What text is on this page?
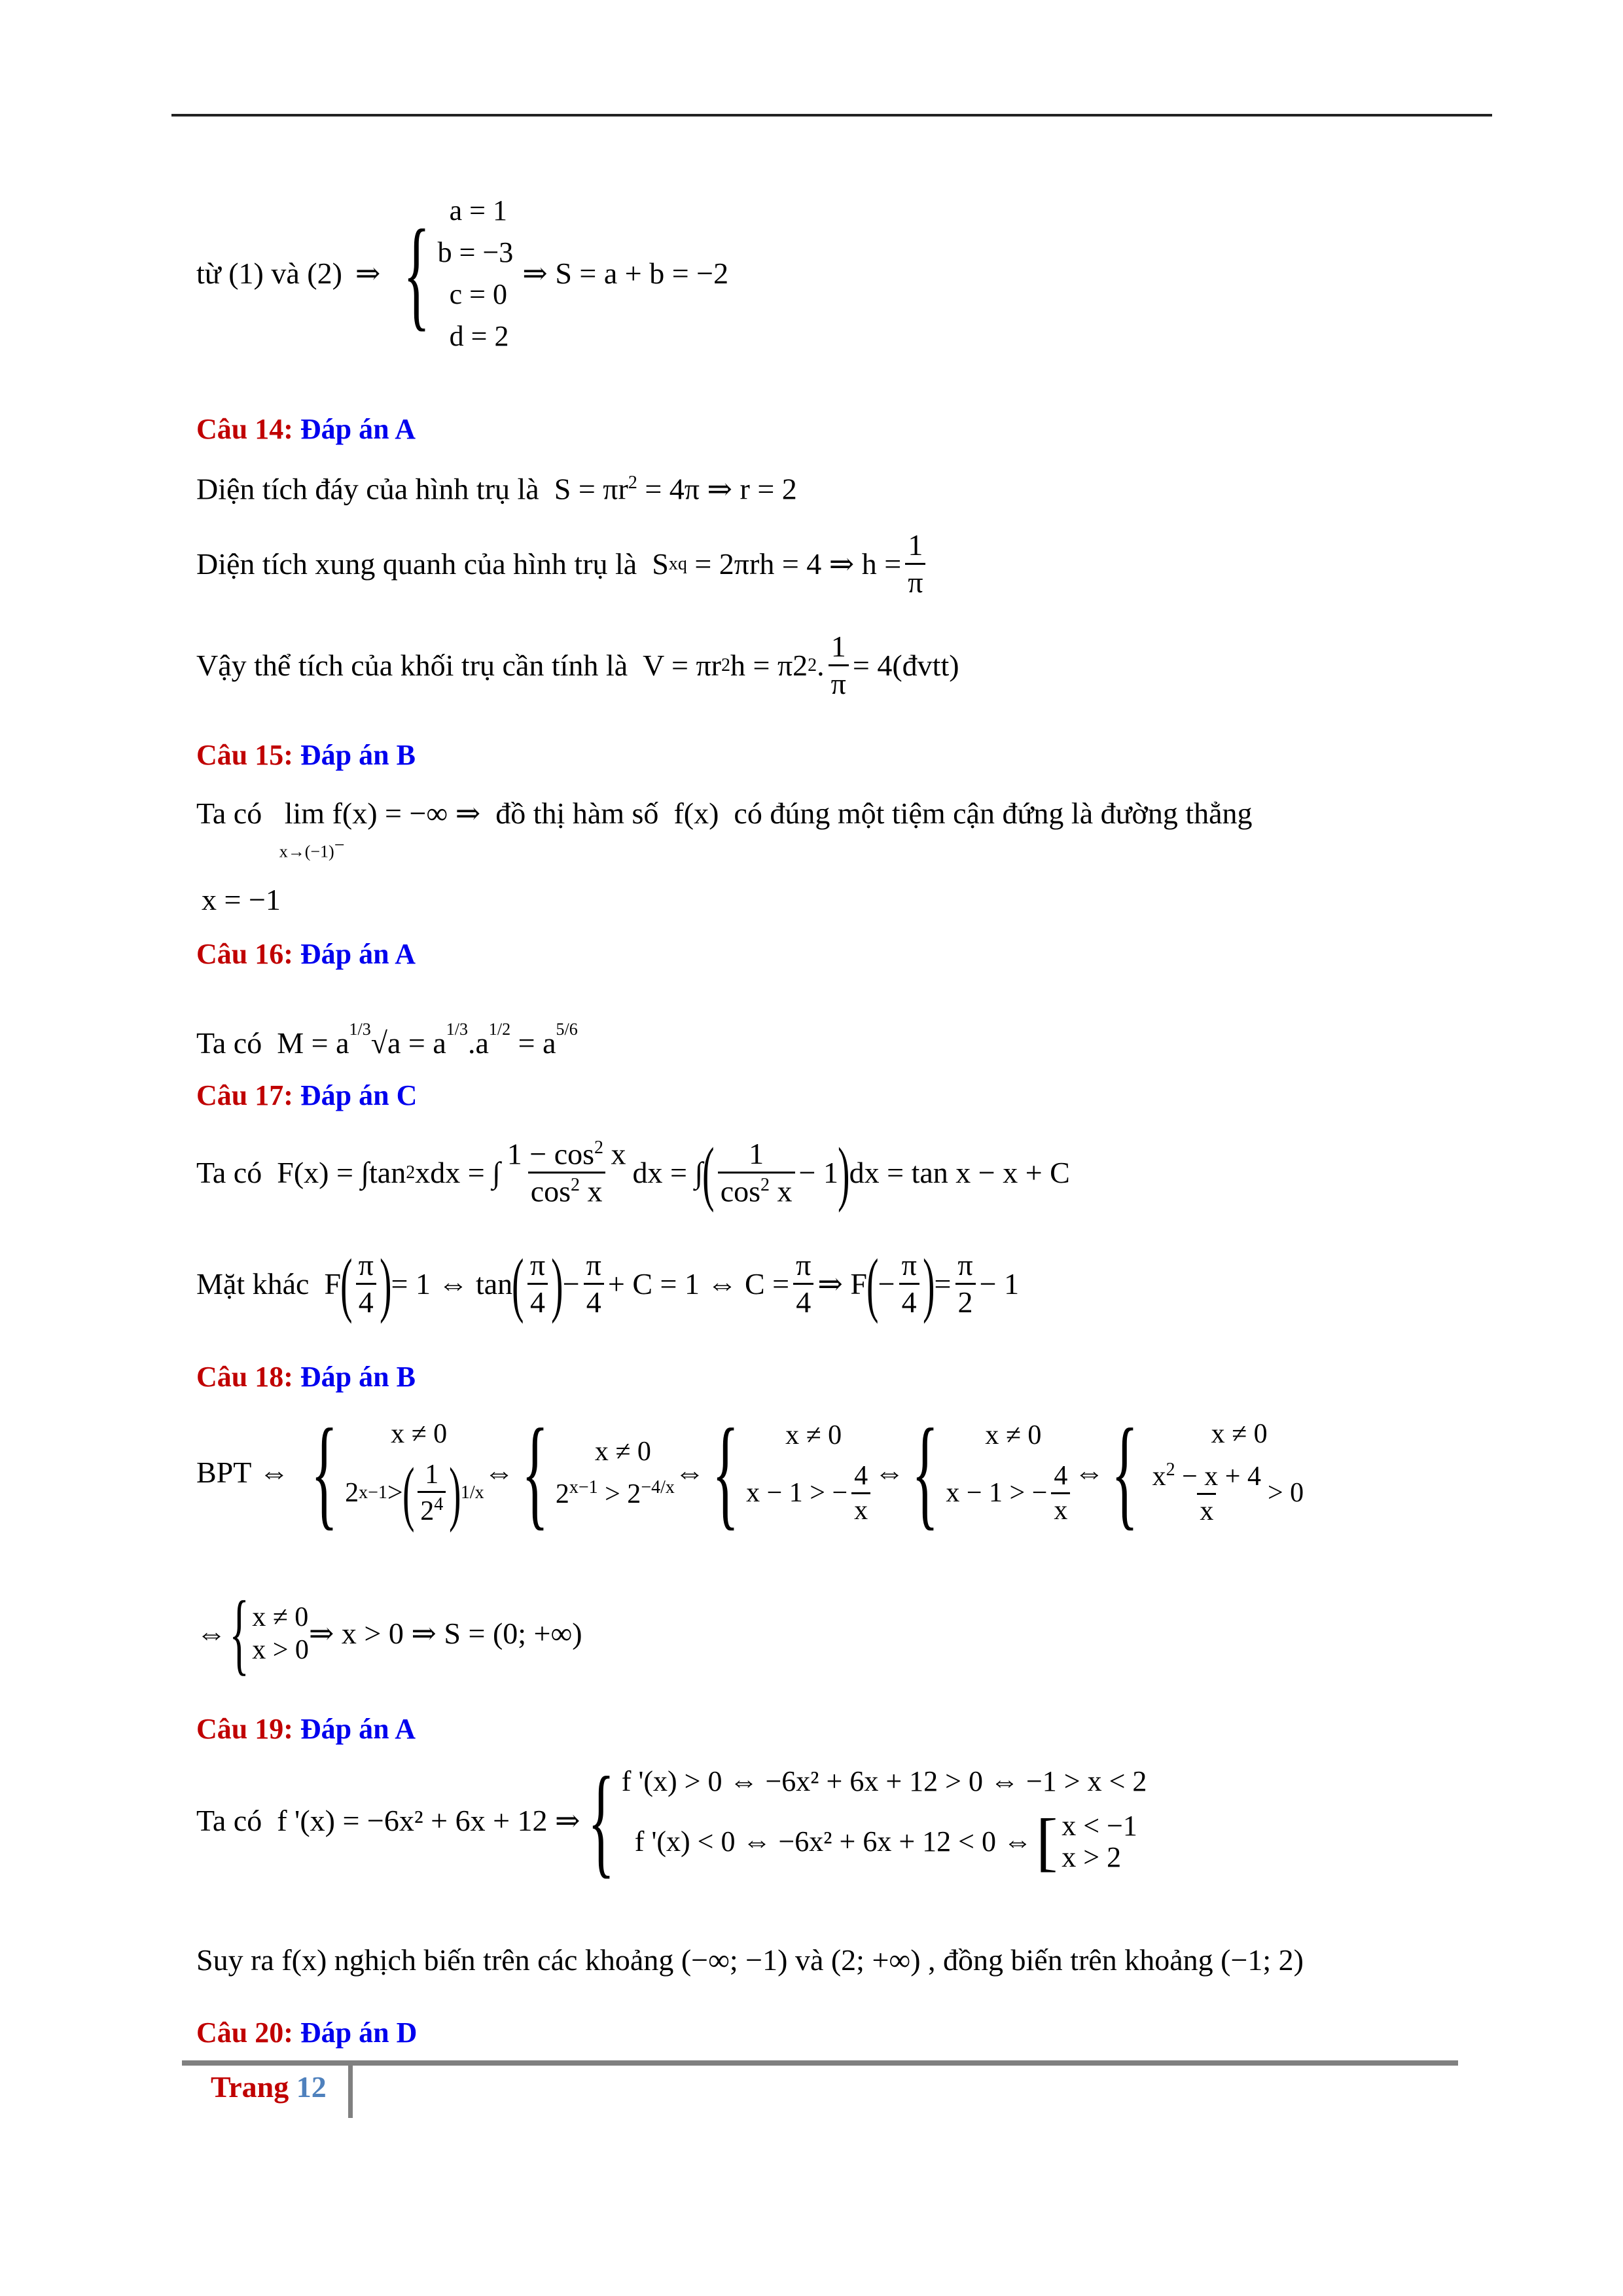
từ (1) và (2) ⇒ { a = 1
b = −3
c = 0
d = 2
⇒ S = a + b = −2
Câu 14: Đáp án A
Diện tích đáy của hình trụ là  $S = \pi r^2 = 4\pi$ ⇒ r = 2
Diện tích xung quanh của hình trụ là S xq = 2πrh = 4 ⇒ $h = \frac{1}{\pi}$
Vậy thể tích của khối trụ cần tính là V = πr 2 h = π2 2 . $\frac{1}{\pi} = 4$( đvtt )
Câu 15: Đáp án B
Ta có lim
x→(−1)−
f(x) = −∞ ⇒  đồ thị hàm số  f(x)  có đúng một tiệm cận đứng là đường thẳng
x = −1
Câu 16: Đáp án A
Ta có  $M = a^{1/3}√a = a^{1/3}.a^{1/2} = a^{5/6}$
Câu 17: Đáp án C
Ta có F(x) = ∫tan 2 xdx = ∫ $\frac{1 - \cos^2 x}{\cos^2 x}$ dx = ∫ ( $\frac{1}{\cos^2 x} - 1$ ) dx = tan x − x + C
Mặt khác F ( $\frac{\pi}{4}$ ) = 1 ⇔ tan ( $\frac{\pi}{4}$ ) − $\frac{\pi}{4} + C = 1$ ⇔ $C = \frac{\pi}{4}$ ⇒ F ( − $\frac{\pi}{4}$ ) = $\frac{\pi}{2} - 1$
Câu 18: Đáp án B
BPT ⇔ {	x ≠ 0
2 x−1 > ( $\frac{1}{2^4}$ ) 1/x
⇔ {	x ≠ 0
$2^{x-1} > 2^{-4/x}$ ⇔ {	x ≠ 0
x − 1 > − $\frac{4}{x}$ ⇔ {	x ≠ 0
x − 1 > − $\frac{4}{x}$ ⇔ {	x ≠ 0
$\frac{x^2 - x + 4}{x} > 0$
⇔ { x ≠ 0
x > 0 ⇒ x > 0 ⇒ S = (0; +∞)
Câu 19: Đáp án A
Ta có
f '(x) = −6x² + 6x + 12 ⇒ { f '(x) > 0 ⇔ −6x² + 6x + 12 > 0 ⇔ −1 > x < 2
f '(x) < 0 ⇔ −6x² + 6x + 12 < 0 ⇔ [ x < −1
x > 2
Suy ra f(x) nghịch biến trên các khoảng (−∞; −1) và (2; +∞) , đồng biến trên khoảng (−1; 2)
Câu 20: Đáp án D
Trang 12
